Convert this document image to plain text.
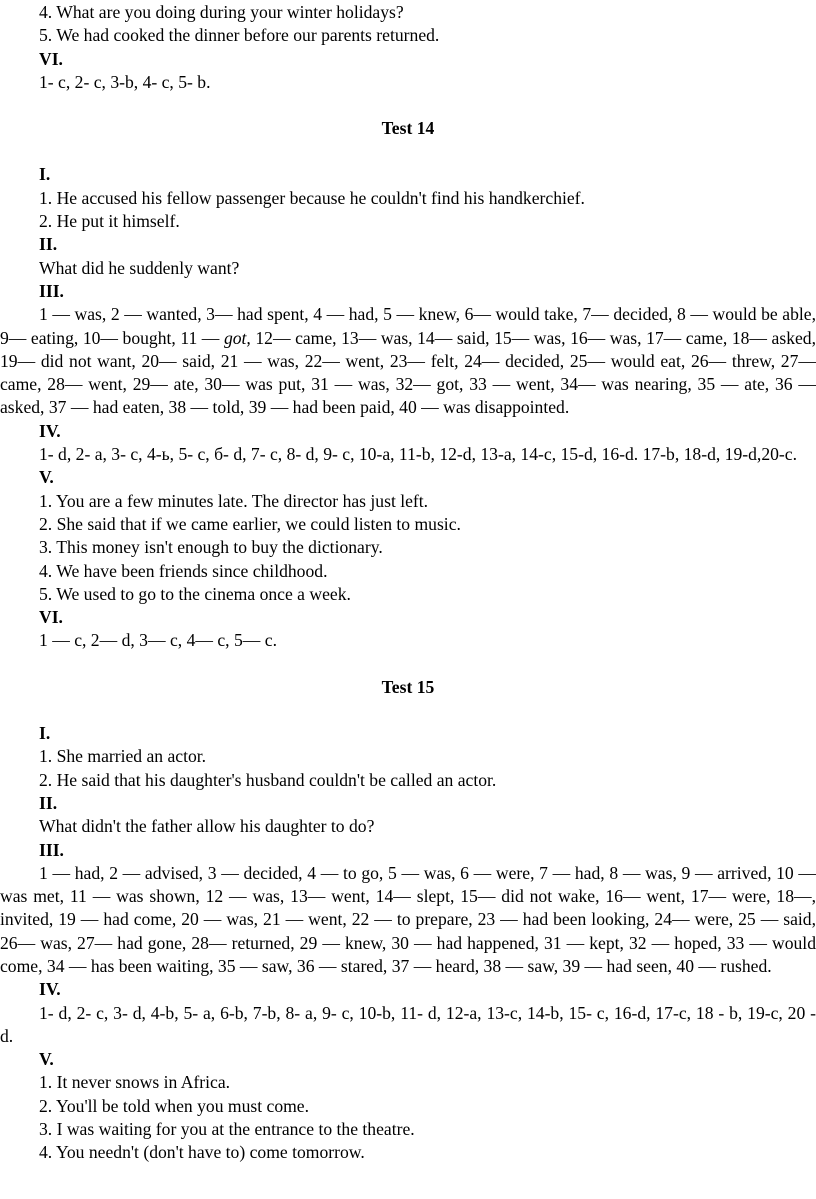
4. What are you doing during your winter holidays?
5. We had cooked the dinner before our parents returned.
VI.
1- c, 2- c, 3-b, 4- c, 5- b.
Test 14
I.
1. He accused his fellow passenger because he couldn't find his handkerchief.
2. He put it himself.
II.
What did he suddenly want?
III.
1 — was, 2 — wanted, 3— had spent, 4 — had, 5 — knew, 6— would take, 7— decided, 8 — would be able, 9— eating, 10— bought, 11 — got, 12— came, 13— was, 14— said, 15— was, 16— was, 17— came, 18— asked, 19— did not want, 20— said, 21 — was, 22— went, 23— felt, 24— decided, 25— would eat, 26— threw, 27— came, 28— went, 29— ate, 30— was put, 31 — was, 32— got, 33 — went, 34— was nearing, 35 — ate, 36 — asked, 37 — had eaten, 38 — told, 39 — had been paid, 40 — was disappointed.
IV.
1- d, 2- a, 3- c, 4-ь, 5- c, б- d, 7- c, 8- d, 9- c, 10-a, 11-b, 12-d, 13-a, 14-c, 15-d, 16-d. 17-b, 18-d, 19-d,20-c.
V.
1. You are a few minutes late. The director has just left.
2. She said that if we came earlier, we could listen to music.
3. This money isn't enough to buy the dictionary.
4. We have been friends since childhood.
5. We used to go to the cinema once a week.
VI.
1 — c, 2— d, 3— c, 4— c, 5— c.
Test 15
I.
1. She married an actor.
2. He said that his daughter's husband couldn't be called an actor.
II.
What didn't the father allow his daughter to do?
III.
1 — had, 2 — advised, 3 — decided, 4 — to go, 5 — was, 6 — were, 7 — had, 8 — was, 9 — arrived, 10 — was met, 11 — was shown, 12 — was, 13— went, 14— slept, 15— did not wake, 16— went, 17— were, 18—, invited, 19 — had come, 20 — was, 21 — went, 22 — to prepare, 23 — had been looking, 24— were, 25 — said, 26— was, 27— had gone, 28— returned, 29 — knew, 30 — had happened, 31 — kept, 32 — hoped, 33 — would come, 34 — has been waiting, 35 — saw, 36 — stared, 37 — heard, 38 — saw, 39 — had seen, 40 — rushed.
IV.
1- d, 2- c, 3- d, 4-b, 5- a, 6-b, 7-b, 8- a, 9- c, 10-b, 11- d, 12-a, 13-c, 14-b, 15- c, 16-d, 17-c, 18 - b, 19-c, 20 - d.
V.
1. It never snows in Africa.
2. You'll be told when you must come.
3. I was waiting for you at the entrance to the theatre.
4. You needn't (don't have to) come tomorrow.
